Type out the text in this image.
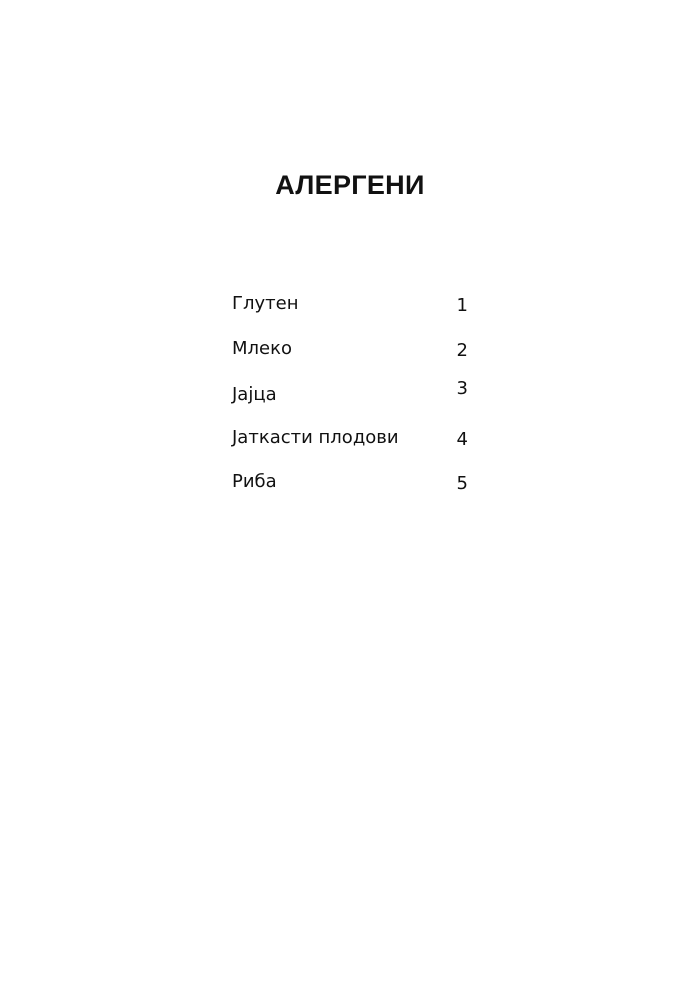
АЛЕРГЕНИ
Глутен	1
Млеко	2
Јајца	3
Јаткасти плодови	4
Риба	5
